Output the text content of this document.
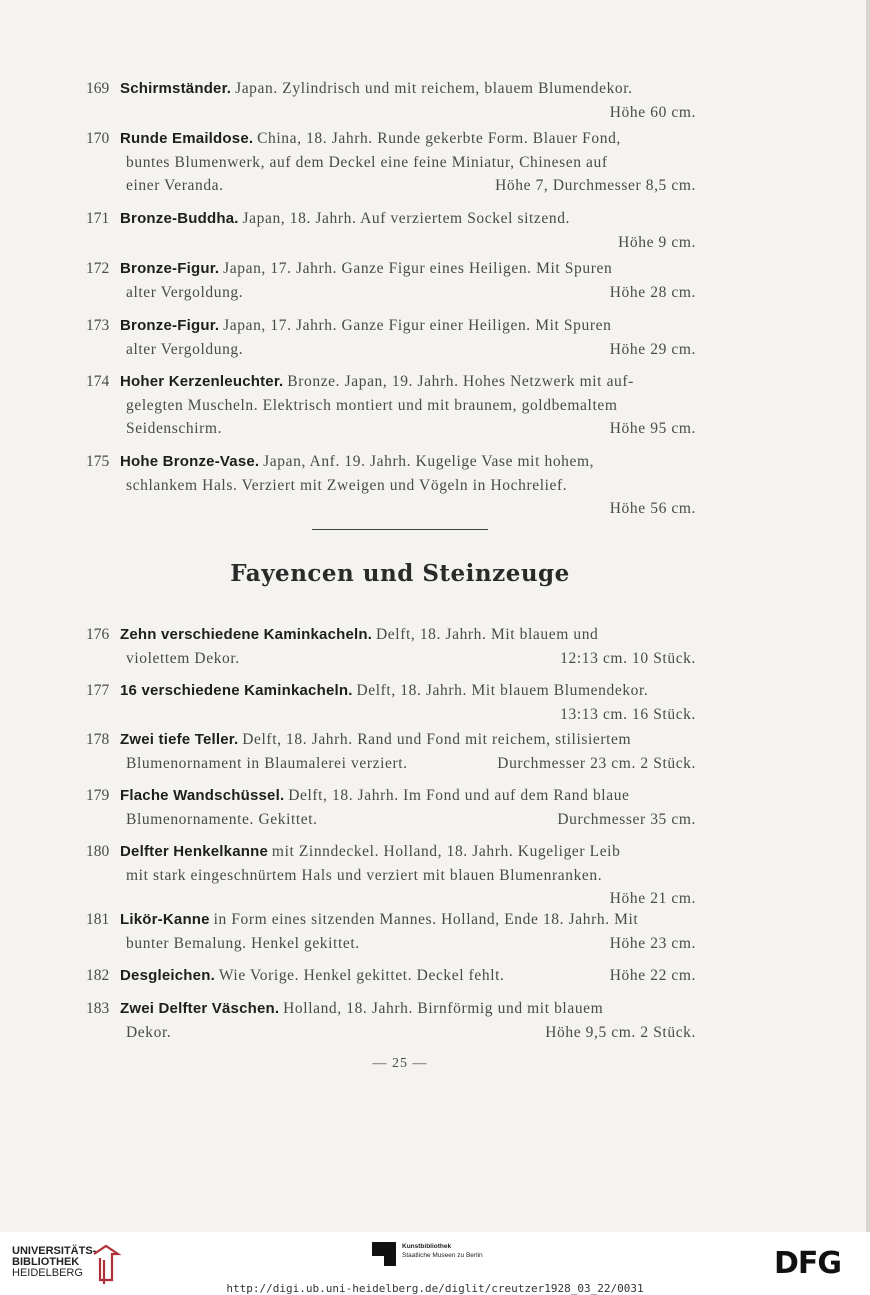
169 Schirmständer. Japan. Zylindrisch und mit reichem, blauem Blumendekor.
Höhe 60 cm.
170 Runde Emaildose. China, 18. Jahrh. Runde gekerbte Form. Blauer Fond,
buntes Blumenwerk, auf dem Deckel eine feine Miniatur, Chinesen auf
einer Veranda.	Höhe 7, Durchmesser 8,5 cm.
171 Bronze-Buddha. Japan, 18. Jahrh. Auf verziertem Sockel sitzend.
Höhe 9 cm.
172 Bronze-Figur. Japan, 17. Jahrh. Ganze Figur eines Heiligen. Mit Spuren
alter Vergoldung.	Höhe 28 cm.
173 Bronze-Figur. Japan, 17. Jahrh. Ganze Figur einer Heiligen. Mit Spuren
alter Vergoldung.	Höhe 29 cm.
174 Hoher Kerzenleuchter. Bronze. Japan, 19. Jahrh. Hohes Netzwerk mit auf-
gelegten Muscheln. Elektrisch montiert und mit braunem, goldbemaltem
Seidenschirm.	Höhe 95 cm.
175 Hohe Bronze-Vase. Japan, Anf. 19. Jahrh. Kugelige Vase mit hohem,
schlankem Hals. Verziert mit Zweigen und Vögeln in Hochrelief.
Höhe 56 cm.
Fayencen und Steinzeuge
176 Zehn verschiedene Kaminkacheln. Delft, 18. Jahrh. Mit blauem und
violettem Dekor.	12:13 cm. 10 Stück.
177 16 verschiedene Kaminkacheln. Delft, 18. Jahrh. Mit blauem Blumendekor.
13:13 cm. 16 Stück.
178 Zwei tiefe Teller. Delft, 18. Jahrh. Rand und Fond mit reichem, stilisiertem
Blumenornament in Blaumalerei verziert.	Durchmesser 23 cm. 2 Stück.
179 Flache Wandschüssel. Delft, 18. Jahrh. Im Fond und auf dem Rand blaue
Blumenornamente. Gekittet.	Durchmesser 35 cm.
180 Delfter Henkelkanne mit Zinndeckel. Holland, 18. Jahrh. Kugeliger Leib
mit stark eingeschnürtem Hals und verziert mit blauen Blumenranken.
Höhe 21 cm.
181 Likör-Kanne in Form eines sitzenden Mannes. Holland, Ende 18. Jahrh. Mit
bunter Bemalung. Henkel gekittet.	Höhe 23 cm.
182 Desgleichen. Wie Vorige. Henkel gekittet. Deckel fehlt.	Höhe 22 cm.
183 Zwei Delfter Väschen. Holland, 18. Jahrh. Birnförmig und mit blauem
Dekor.	Höhe 9,5 cm. 2 Stück.
— 25 —
UNIVERSITÄTS-
BIBLIOTHEK
HEIDELBERG
Kunstbibliothek
Staatliche Museen zu Berlin	DFG
http://digi.ub.uni-heidelberg.de/diglit/creutzer1928_03_22/0031
